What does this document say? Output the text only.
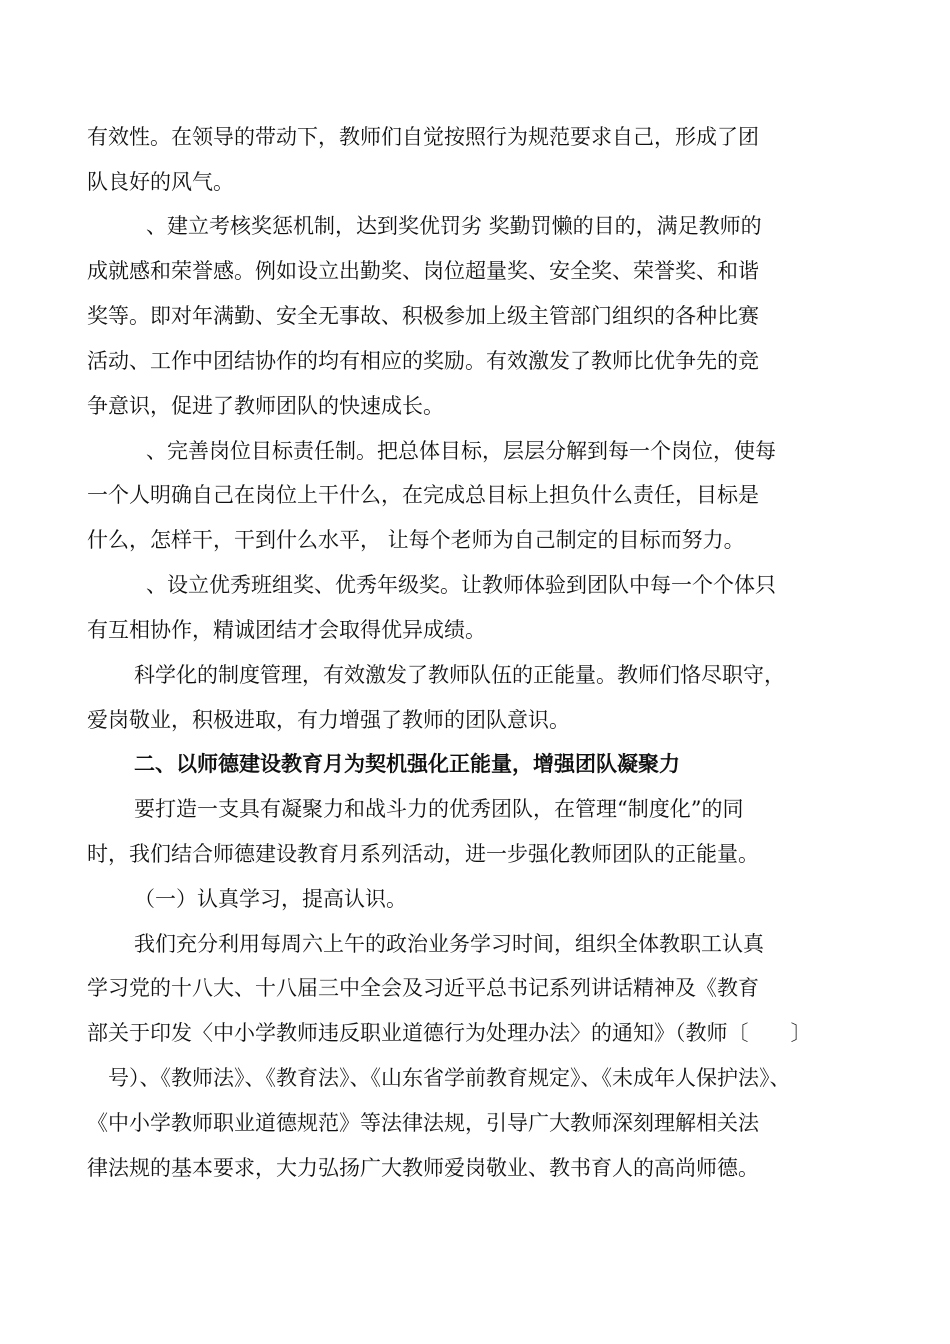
有效性。在领导的带动下，教师们自觉按照行为规范要求自己，形成了团
队良好的风气。
、建立考核奖惩机制，达到奖优罚劣 奖勤罚懒的目的，满足教师的
成就感和荣誉感。例如设立出勤奖、岗位超量奖、安全奖、荣誉奖、和谐
奖等。即对年满勤、安全无事故、积极参加上级主管部门组织的各种比赛
活动、工作中团结协作的均有相应的奖励。有效激发了教师比优争先的竞
争意识，促进了教师团队的快速成长。
、完善岗位目标责任制。把总体目标，层层分解到每一个岗位，使每
一个人明确自己在岗位上干什么，在完成总目标上担负什么责任，目标是
什么，怎样干，干到什么水平， 让每个老师为自己制定的目标而努力。
、设立优秀班组奖、优秀年级奖。让教师体验到团队中每一个个体只
有互相协作，精诚团结才会取得优异成绩。
科学化的制度管理，有效激发了教师队伍的正能量。教师们恪尽职守，
爱岗敬业，积极进取，有力增强了教师的团队意识。
二、以师德建设教育月为契机强化正能量，增强团队凝聚力
要打造一支具有凝聚力和战斗力的优秀团队，在管理“制度化”的同
时，我们结合师德建设教育月系列活动，进一步强化教师团队的正能量。
（一）认真学习，提高认识。
我们充分利用每周六上午的政治业务学习时间，组织全体教职工认真
学习党的十八大、十八届三中全会及习近平总书记系列讲话精神及《教育
部关于印发〈中小学教师违反职业道德行为处理办法〉的通知》（教师〔　　〕
　号）、《教师法》、《教育法》、《山东省学前教育规定》、《未成年人保护法》、
《中小学教师职业道德规范》等法律法规，引导广大教师深刻理解相关法
律法规的基本要求，大力弘扬广大教师爱岗敬业、教书育人的高尚师德。
